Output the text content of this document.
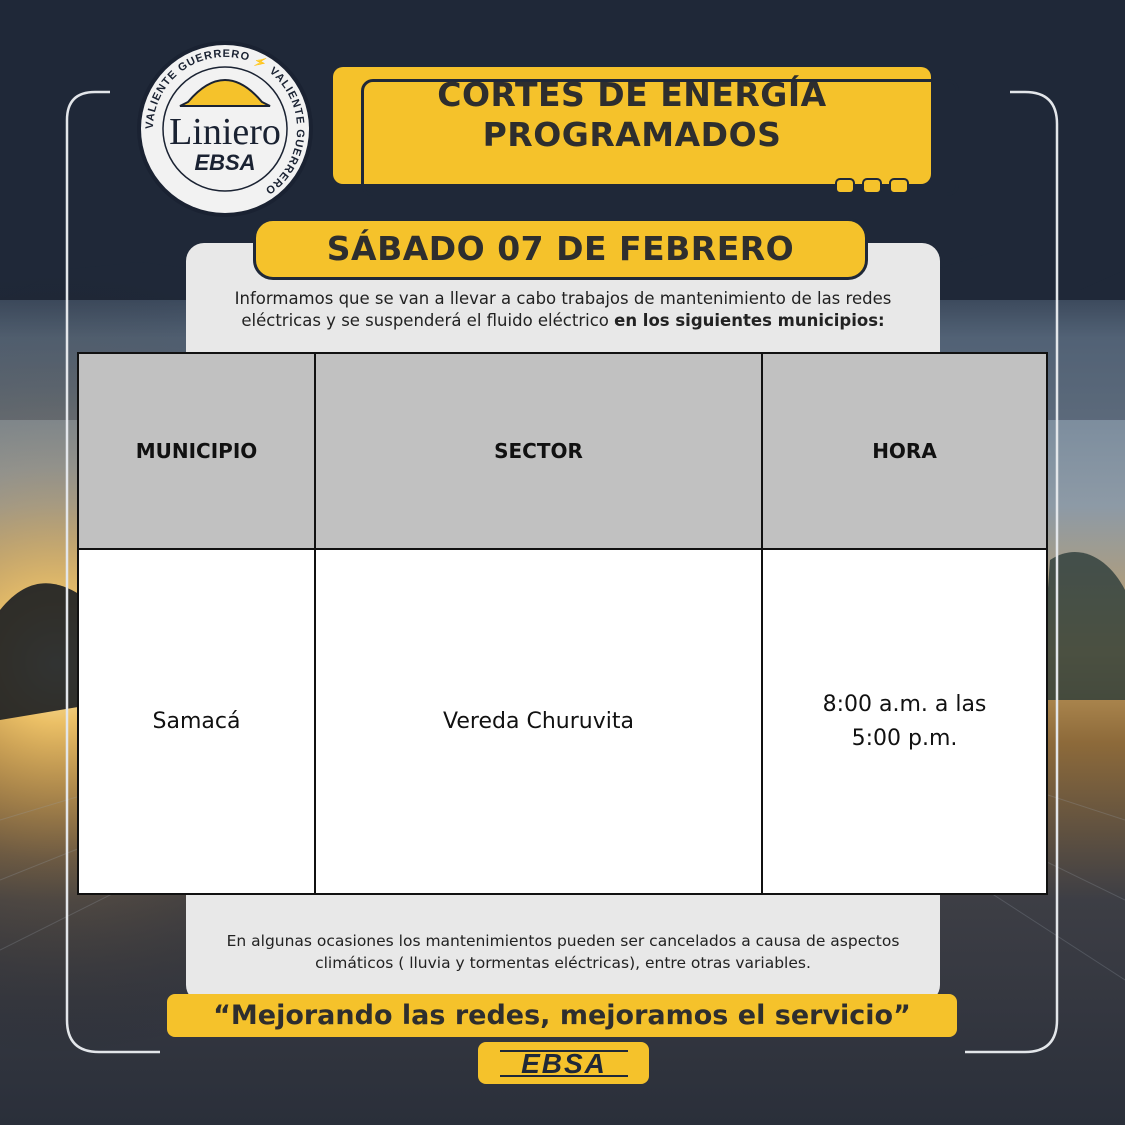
VALIENTE GUERRERO ⚡ VALIENTE GUERRERO
Liniero
EBSA
CORTES DE ENERGÍA
PROGRAMADOS
SÁBADO 07 DE FEBRERO
Informamos que se van a llevar a cabo trabajos de mantenimiento de las redes eléctricas y se suspenderá el fluido eléctrico en los siguientes municipios:
MUNICIPIO	SECTOR	HORA
Samacá	Vereda Churuvita	8:00 a.m. a las
5:00 p.m.
En algunas ocasiones los mantenimientos pueden ser cancelados a causa de aspectos climáticos ( lluvia y tormentas eléctricas), entre otras variables.
“Mejorando las redes, mejoramos el servicio”
EBSA
